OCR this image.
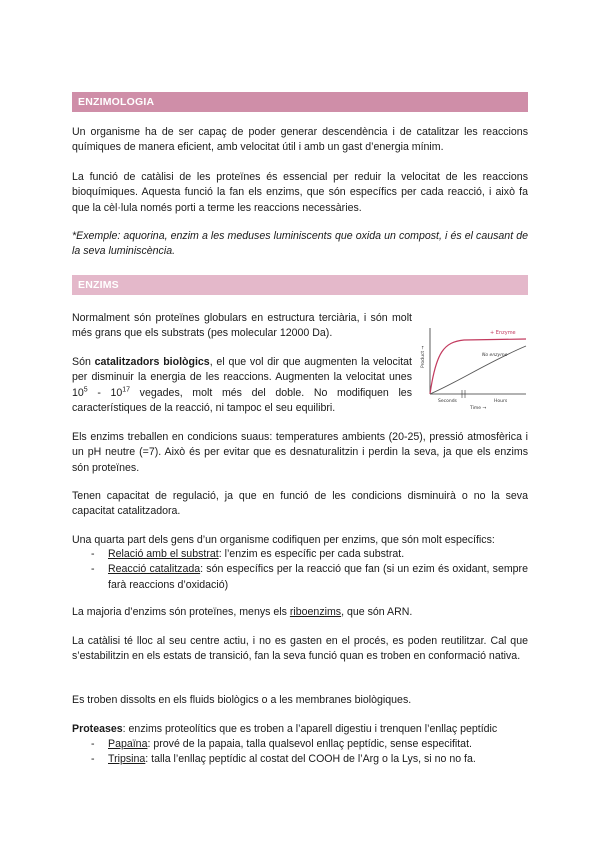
ENZIMOLOGIA

Un organisme ha de ser capaç de poder generar descendència i de catalitzar les reaccions químiques de manera eficient, amb velocitat útil i amb un gast d’energia mínim.

La funció de catàlisi de les proteïnes és essencial per reduir la velocitat de les reaccions bioquímiques. Aquesta funció la fan els enzims, que són específics per cada reacció, i això fa que la cèl·lula només porti a terme les reaccions necessàries.

*Exemple: aquorina, enzim a les meduses luminiscents que oxida un compost, i és el causant de la seva luminiscència.

ENZIMS

Normalment són proteïnes globulars en estructura terciària, i són molt més grans que els substrats (pes molecular 12000 Da).

Són catalitzadors biològics, el que vol dir que augmenten la velocitat per disminuir la energia de les reaccions. Augmenten la velocitat unes $10^5 - 10^{17}$ vegades, molt més del doble. No modifiquen les característiques de la reacció, ni tampoc el seu equilibri.

Product →
Time →
Seconds	Hours
+ Enzyme
No enzyme

Els enzims treballen en condicions suaus: temperatures ambients (20-25), pressió atmosfèrica i un pH neutre (=7). Això és per evitar que es desnaturalitzin i perdin la seva, ja que els enzims són proteïnes.

Tenen capacitat de regulació, ja que en funció de les condicions disminuirà o no la seva capacitat catalitzadora.

Una quarta part dels gens d’un organisme codifiquen per enzims, que són molt específics:

- Relació amb el substrat: l’enzim es específic per cada substrat.
- Reacció catalitzada: són específics per la reacció que fan (si un ezim és oxidant, sempre farà reaccions d’oxidació)

La majoria d’enzims són proteïnes, menys els riboenzims, que són ARN.

La catàlisi té lloc al seu centre actiu, i no es gasten en el procés, es poden reutilitzar. Cal que s’estabilitzin en els estats de transició, fan la seva funció quan es troben en conformació nativa.

Es troben dissolts en els fluids biològics o a les membranes biològiques.

Proteases: enzims proteolítics que es troben a l’aparell digestiu i trenquen l’enllaç peptídic

- Papaïna: prové de la papaia, talla qualsevol enllaç peptídic, sense especifitat.
- Tripsina: talla l’enllaç peptídic al costat del COOH de l’Arg o la Lys, si no no fa.
